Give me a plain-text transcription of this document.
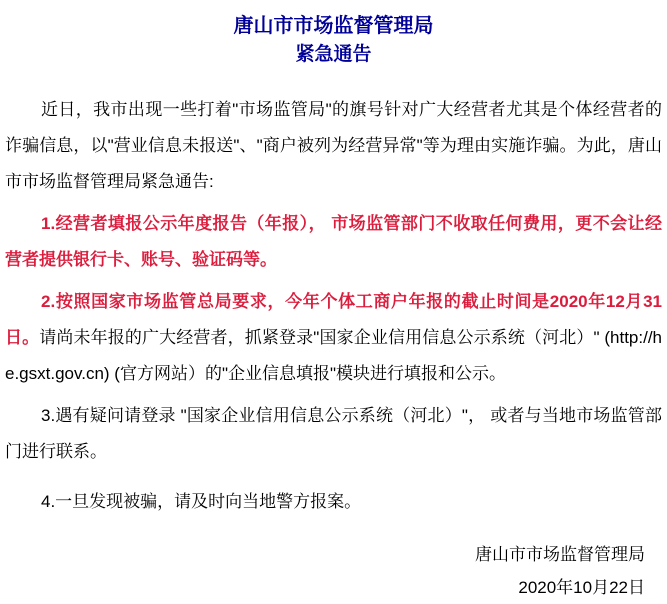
唐山市市场监督管理局
紧急通告

近日，我市出现一些打着"市场监管局"的旗号针对广大经营者尤其是个体经营者的诈骗信息，以"营业信息未报送"、"商户被列为经营异常"等为理由实施诈骗。为此，唐山市市场监督管理局紧急通告:

1.经营者填报公示年度报告（年报）， 市场监管部门不收取任何费用，更不会让经营者提供银行卡、账号、验证码等。

2.按照国家市场监管总局要求，今年个体工商户年报的截止时间是2020年12月31日。请尚未年报的广大经营者，抓紧登录"国家企业信用信息公示系统（河北）" (http://he.gsxt.gov.cn) (官方网站）的"企业信息填报"模块进行填报和公示。

3.遇有疑问请登录 "国家企业信用信息公示系统（河北）"， 或者与当地市场监管部门进行联系。

4.一旦发现被骗，请及时向当地警方报案。

唐山市市场监督管理局
2020年10月22日
